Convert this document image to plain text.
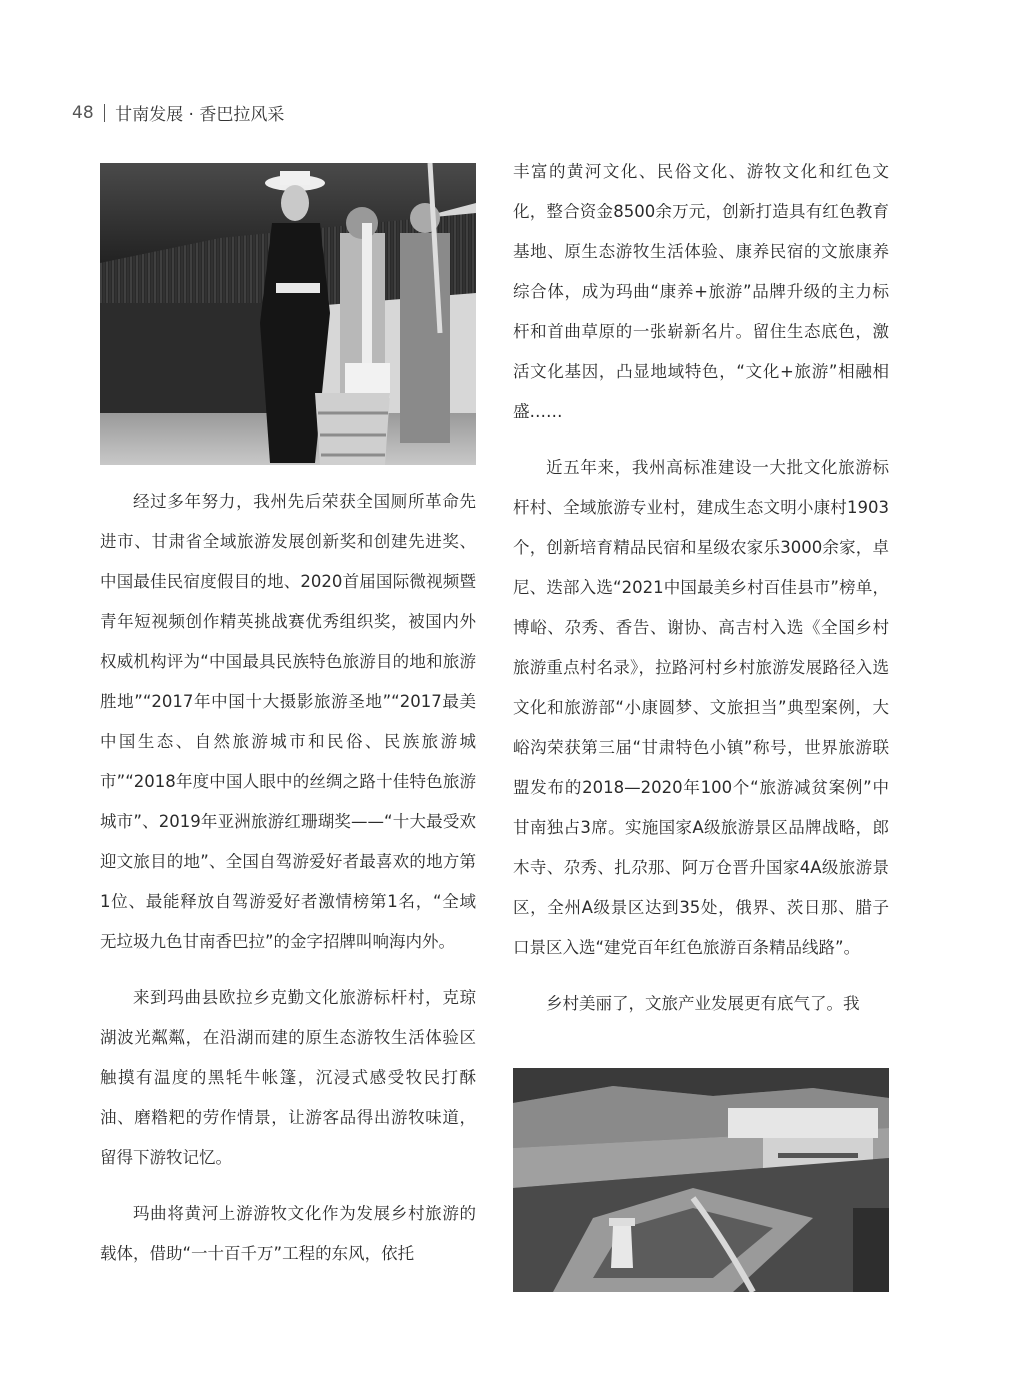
48 甘南发展 · 香巴拉风采

经过多年努力，我州先后荣获全国厕所革命先进市、甘肃省全域旅游发展创新奖和创建先进奖、中国最佳民宿度假目的地、2020首届国际微视频暨青年短视频创作精英挑战赛优秀组织奖，被国内外权威机构评为“中国最具民族特色旅游目的地和旅游胜地”“2017年中国十大摄影旅游圣地”“2017最美中国生态、自然旅游城市和民俗、民族旅游城市”“2018年度中国人眼中的丝绸之路十佳特色旅游城市”、2019年亚洲旅游红珊瑚奖——“十大最受欢迎文旅目的地”、全国自驾游爱好者最喜欢的地方第1位、最能释放自驾游爱好者激情榜第1名，“全域无垃圾九色甘南香巴拉”的金字招牌叫响海内外。

来到玛曲县欧拉乡克勤文化旅游标杆村，克琼湖波光粼粼，在沿湖而建的原生态游牧生活体验区触摸有温度的黑牦牛帐篷，沉浸式感受牧民打酥油、磨糌粑的劳作情景，让游客品得出游牧味道，留得下游牧记忆。

玛曲将黄河上游游牧文化作为发展乡村旅游的载体，借助“一十百千万”工程的东风，依托

丰富的黄河文化、民俗文化、游牧文化和红色文化，整合资金8500余万元，创新打造具有红色教育基地、原生态游牧生活体验、康养民宿的文旅康养综合体，成为玛曲“康养+旅游”品牌升级的主力标杆和首曲草原的一张崭新名片。留住生态底色，激活文化基因，凸显地域特色，“文化+旅游”相融相盛……

近五年来，我州高标准建设一大批文化旅游标杆村、全域旅游专业村，建成生态文明小康村1903个，创新培育精品民宿和星级农家乐3000余家，卓尼、迭部入选“2021中国最美乡村百佳县市”榜单，博峪、尕秀、香告、谢协、高吉村入选《全国乡村旅游重点村名录》，拉路河村乡村旅游发展路径入选文化和旅游部“小康圆梦、文旅担当”典型案例，大峪沟荣获第三届“甘肃特色小镇”称号，世界旅游联盟发布的2018—2020年100个“旅游减贫案例”中甘南独占3席。实施国家A级旅游景区品牌战略，郎木寺、尕秀、扎尕那、阿万仓晋升国家4A级旅游景区，全州A级景区达到35处，俄界、茨日那、腊子口景区入选“建党百年红色旅游百条精品线路”。

乡村美丽了，文旅产业发展更有底气了。我
